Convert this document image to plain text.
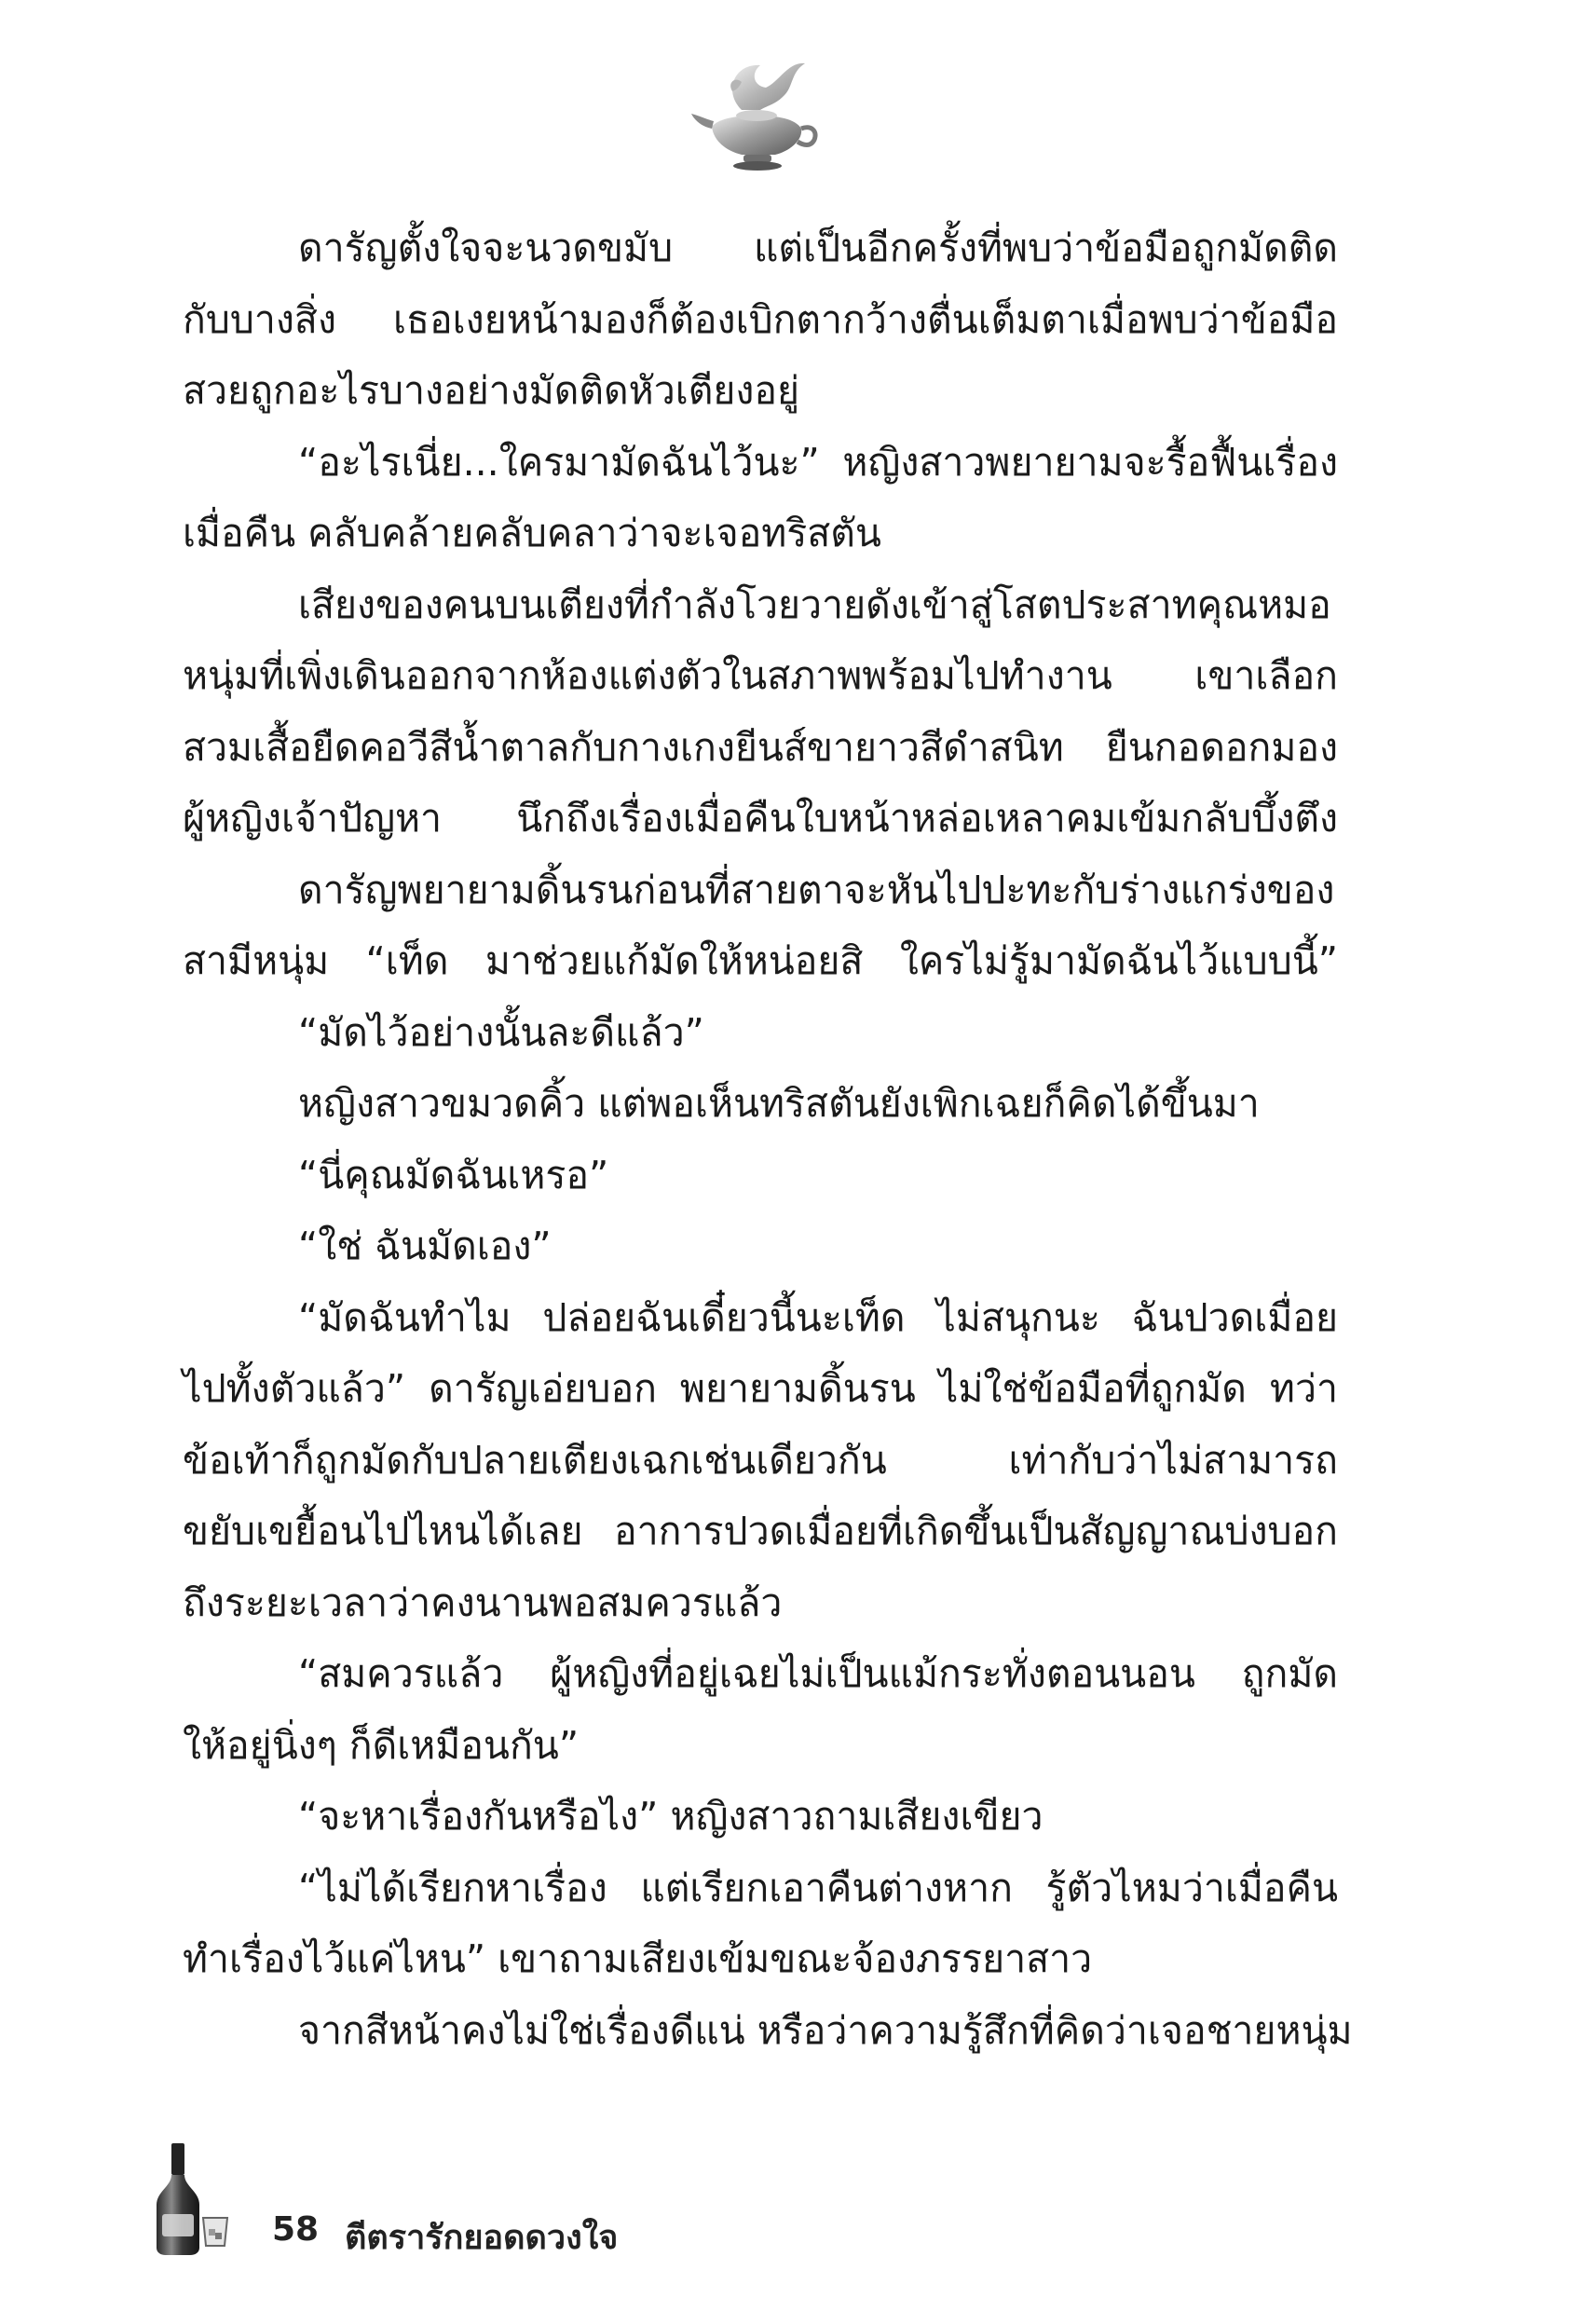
ดารัญตั้งใจจะนวดขมับ แต่เป็นอีกครั้งที่พบว่าข้อมือถูกมัดติด
กับบางสิ่ง เธอเงยหน้ามองก็ต้องเบิกตากว้างตื่นเต็มตาเมื่อพบว่าข้อมือ
สวยถูกอะไรบางอย่างมัดติดหัวเตียงอยู่
“อะไรเนี่ย...ใครมามัดฉันไว้นะ” หญิงสาวพยายามจะรื้อฟื้นเรื่อง
เมื่อคืน คลับคล้ายคลับคลาว่าจะเจอทริสตัน
เสียงของคนบนเตียงที่กำลังโวยวายดังเข้าสู่โสตประสาทคุณหมอ
หนุ่มที่เพิ่งเดินออกจากห้องแต่งตัวในสภาพพร้อมไปทำงาน เขาเลือก
สวมเสื้อยืดคอวีสีน้ำตาลกับกางเกงยีนส์ขายาวสีดำสนิท ยืนกอดอกมอง
ผู้หญิงเจ้าปัญหา นึกถึงเรื่องเมื่อคืนใบหน้าหล่อเหลาคมเข้มกลับบึ้งตึง
ดารัญพยายามดิ้นรนก่อนที่สายตาจะหันไปปะทะกับร่างแกร่งของ
สามีหนุ่ม “เท็ด มาช่วยแก้มัดให้หน่อยสิ ใครไม่รู้มามัดฉันไว้แบบนี้”
“มัดไว้อย่างนั้นละดีแล้ว”
หญิงสาวขมวดคิ้ว แต่พอเห็นทริสตันยังเพิกเฉยก็คิดได้ขึ้นมา
“นี่คุณมัดฉันเหรอ”
“ใช่ ฉันมัดเอง”
“มัดฉันทำไม ปล่อยฉันเดี๋ยวนี้นะเท็ด ไม่สนุกนะ ฉันปวดเมื่อย
ไปทั้งตัวแล้ว” ดารัญเอ่ยบอก พยายามดิ้นรน ไม่ใช่ข้อมือที่ถูกมัด ทว่า
ข้อเท้าก็ถูกมัดกับปลายเตียงเฉกเช่นเดียวกัน เท่ากับว่าไม่สามารถ
ขยับเขยื้อนไปไหนได้เลย อาการปวดเมื่อยที่เกิดขึ้นเป็นสัญญาณบ่งบอก
ถึงระยะเวลาว่าคงนานพอสมควรแล้ว
“สมควรแล้ว ผู้หญิงที่อยู่เฉยไม่เป็นแม้กระทั่งตอนนอน ถูกมัด
ให้อยู่นิ่งๆ ก็ดีเหมือนกัน”
“จะหาเรื่องกันหรือไง” หญิงสาวถามเสียงเขียว
“ไม่ได้เรียกหาเรื่อง แต่เรียกเอาคืนต่างหาก รู้ตัวไหมว่าเมื่อคืน
ทำเรื่องไว้แค่ไหน” เขาถามเสียงเข้มขณะจ้องภรรยาสาว
จากสีหน้าคงไม่ใช่เรื่องดีแน่ หรือว่าความรู้สึกที่คิดว่าเจอชายหนุ่ม
58 ตีตรารักยอดดวงใจ
